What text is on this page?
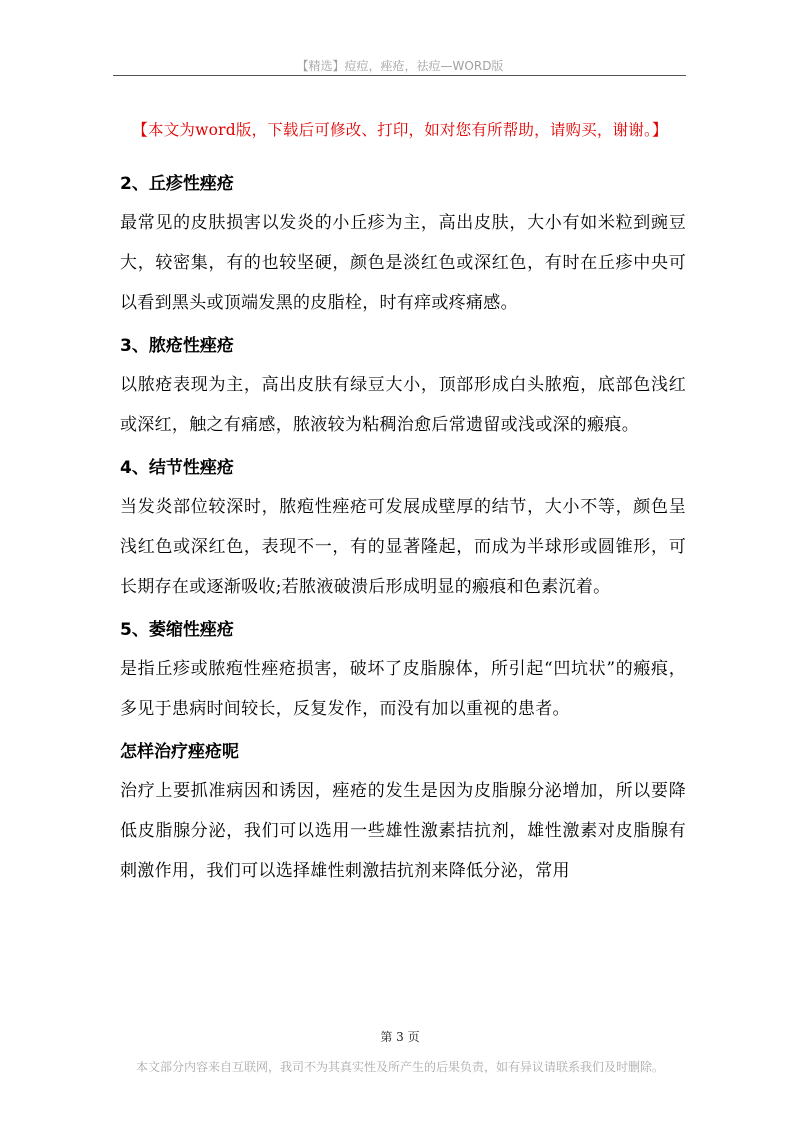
【精选】痘痘，痤疮，祛痘—WORD版
【本文为word版，下载后可修改、打印，如对您有所帮助，请购买，谢谢。】
2、丘疹性痤疮

最常见的皮肤损害以发炎的小丘疹为主，高出皮肤，大小有如米粒到豌豆大，较密集，有的也较坚硬，颜色是淡红色或深红色，有时在丘疹中央可以看到黑头或顶端发黑的皮脂栓，时有痒或疼痛感。

3、脓疮性痤疮

以脓疮表现为主，高出皮肤有绿豆大小，顶部形成白头脓疱，底部色浅红或深红，触之有痛感，脓液较为粘稠治愈后常遗留或浅或深的瘢痕。

4、结节性痤疮

当发炎部位较深时，脓疱性痤疮可发展成壁厚的结节，大小不等，颜色呈浅红色或深红色，表现不一，有的显著隆起，而成为半球形或圆锥形，可长期存在或逐渐吸收;若脓液破溃后形成明显的瘢痕和色素沉着。

5、萎缩性痤疮

是指丘疹或脓疱性痤疮损害，破坏了皮脂腺体，所引起“凹坑状”的瘢痕，多见于患病时间较长，反复发作，而没有加以重视的患者。

怎样治疗痤疮呢

治疗上要抓准病因和诱因，痤疮的发生是因为皮脂腺分泌增加，所以要降低皮脂腺分泌，我们可以选用一些雄性激素拮抗剂，雄性激素对皮脂腺有刺激作用，我们可以选择雄性刺激拮抗剂来降低分泌，常用

第 3 页
本文部分内容来自互联网，我司不为其真实性及所产生的后果负责，如有异议请联系我们及时删除。
